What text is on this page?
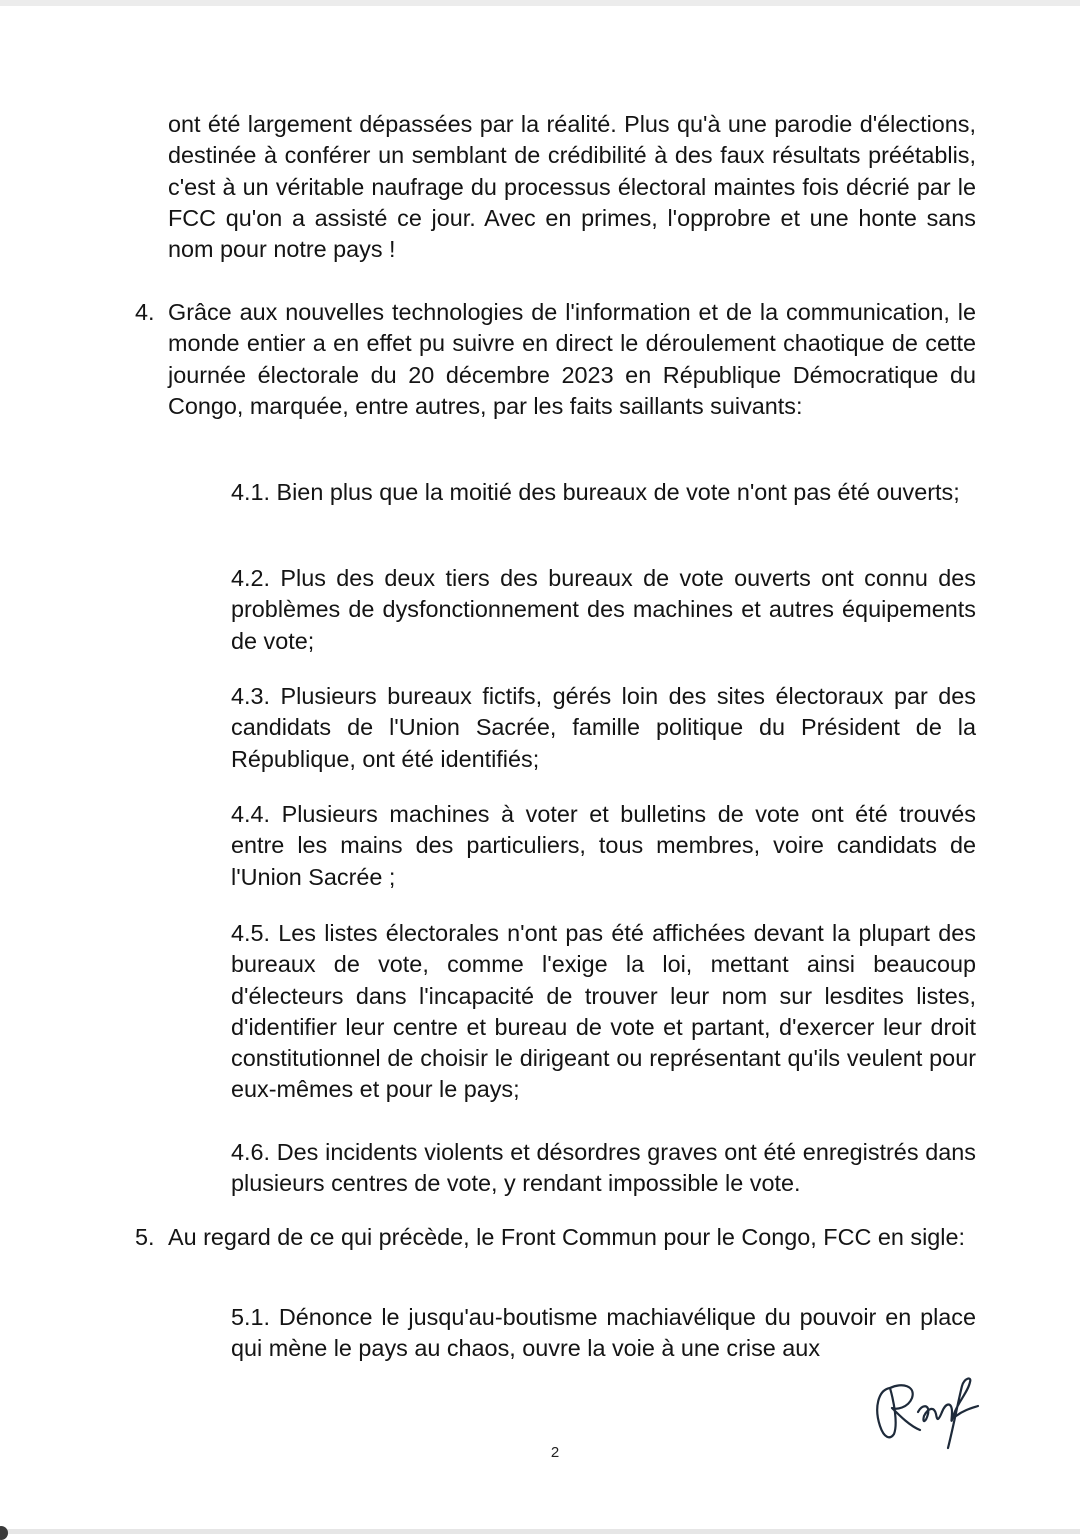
ont été largement dépassées par la réalité. Plus qu'à une parodie d'élections, destinée à conférer un semblant de crédibilité à des faux résultats préétablis, c'est à un véritable naufrage du processus électoral maintes fois décrié par le FCC qu'on a assisté ce jour. Avec en primes, l'opprobre et une honte sans nom pour notre pays !

4. Grâce aux nouvelles technologies de l'information et de la communication, le monde entier a en effet pu suivre en direct le déroulement chaotique de cette journée électorale du 20 décembre 2023 en République Démocratique du Congo, marquée, entre autres, par les faits saillants suivants:

4.1. Bien plus que la moitié des bureaux de vote n'ont pas été ouverts;

4.2. Plus des deux tiers des bureaux de vote ouverts ont connu des problèmes de dysfonctionnement des machines et autres équipements de vote;

4.3. Plusieurs bureaux fictifs, gérés loin des sites électoraux par des candidats de l'Union Sacrée, famille politique du Président de la République, ont été identifiés;

4.4. Plusieurs machines à voter et bulletins de vote ont été trouvés entre les mains des particuliers, tous membres, voire candidats de l'Union Sacrée ;

4.5. Les listes électorales n'ont pas été affichées devant la plupart des bureaux de vote, comme l'exige la loi, mettant ainsi beaucoup d'électeurs dans l'incapacité de trouver leur nom sur lesdites listes, d'identifier leur centre et bureau de vote et partant, d'exercer leur droit constitutionnel de choisir le dirigeant ou représentant qu'ils veulent pour eux-mêmes et pour le pays;

4.6. Des incidents violents et désordres graves ont été enregistrés dans plusieurs centres de vote, y rendant impossible le vote.

5. Au regard de ce qui précède, le Front Commun pour le Congo, FCC en sigle:

5.1. Dénonce le jusqu'au-boutisme machiavélique du pouvoir en place qui mène le pays au chaos, ouvre la voie à une crise aux

2
